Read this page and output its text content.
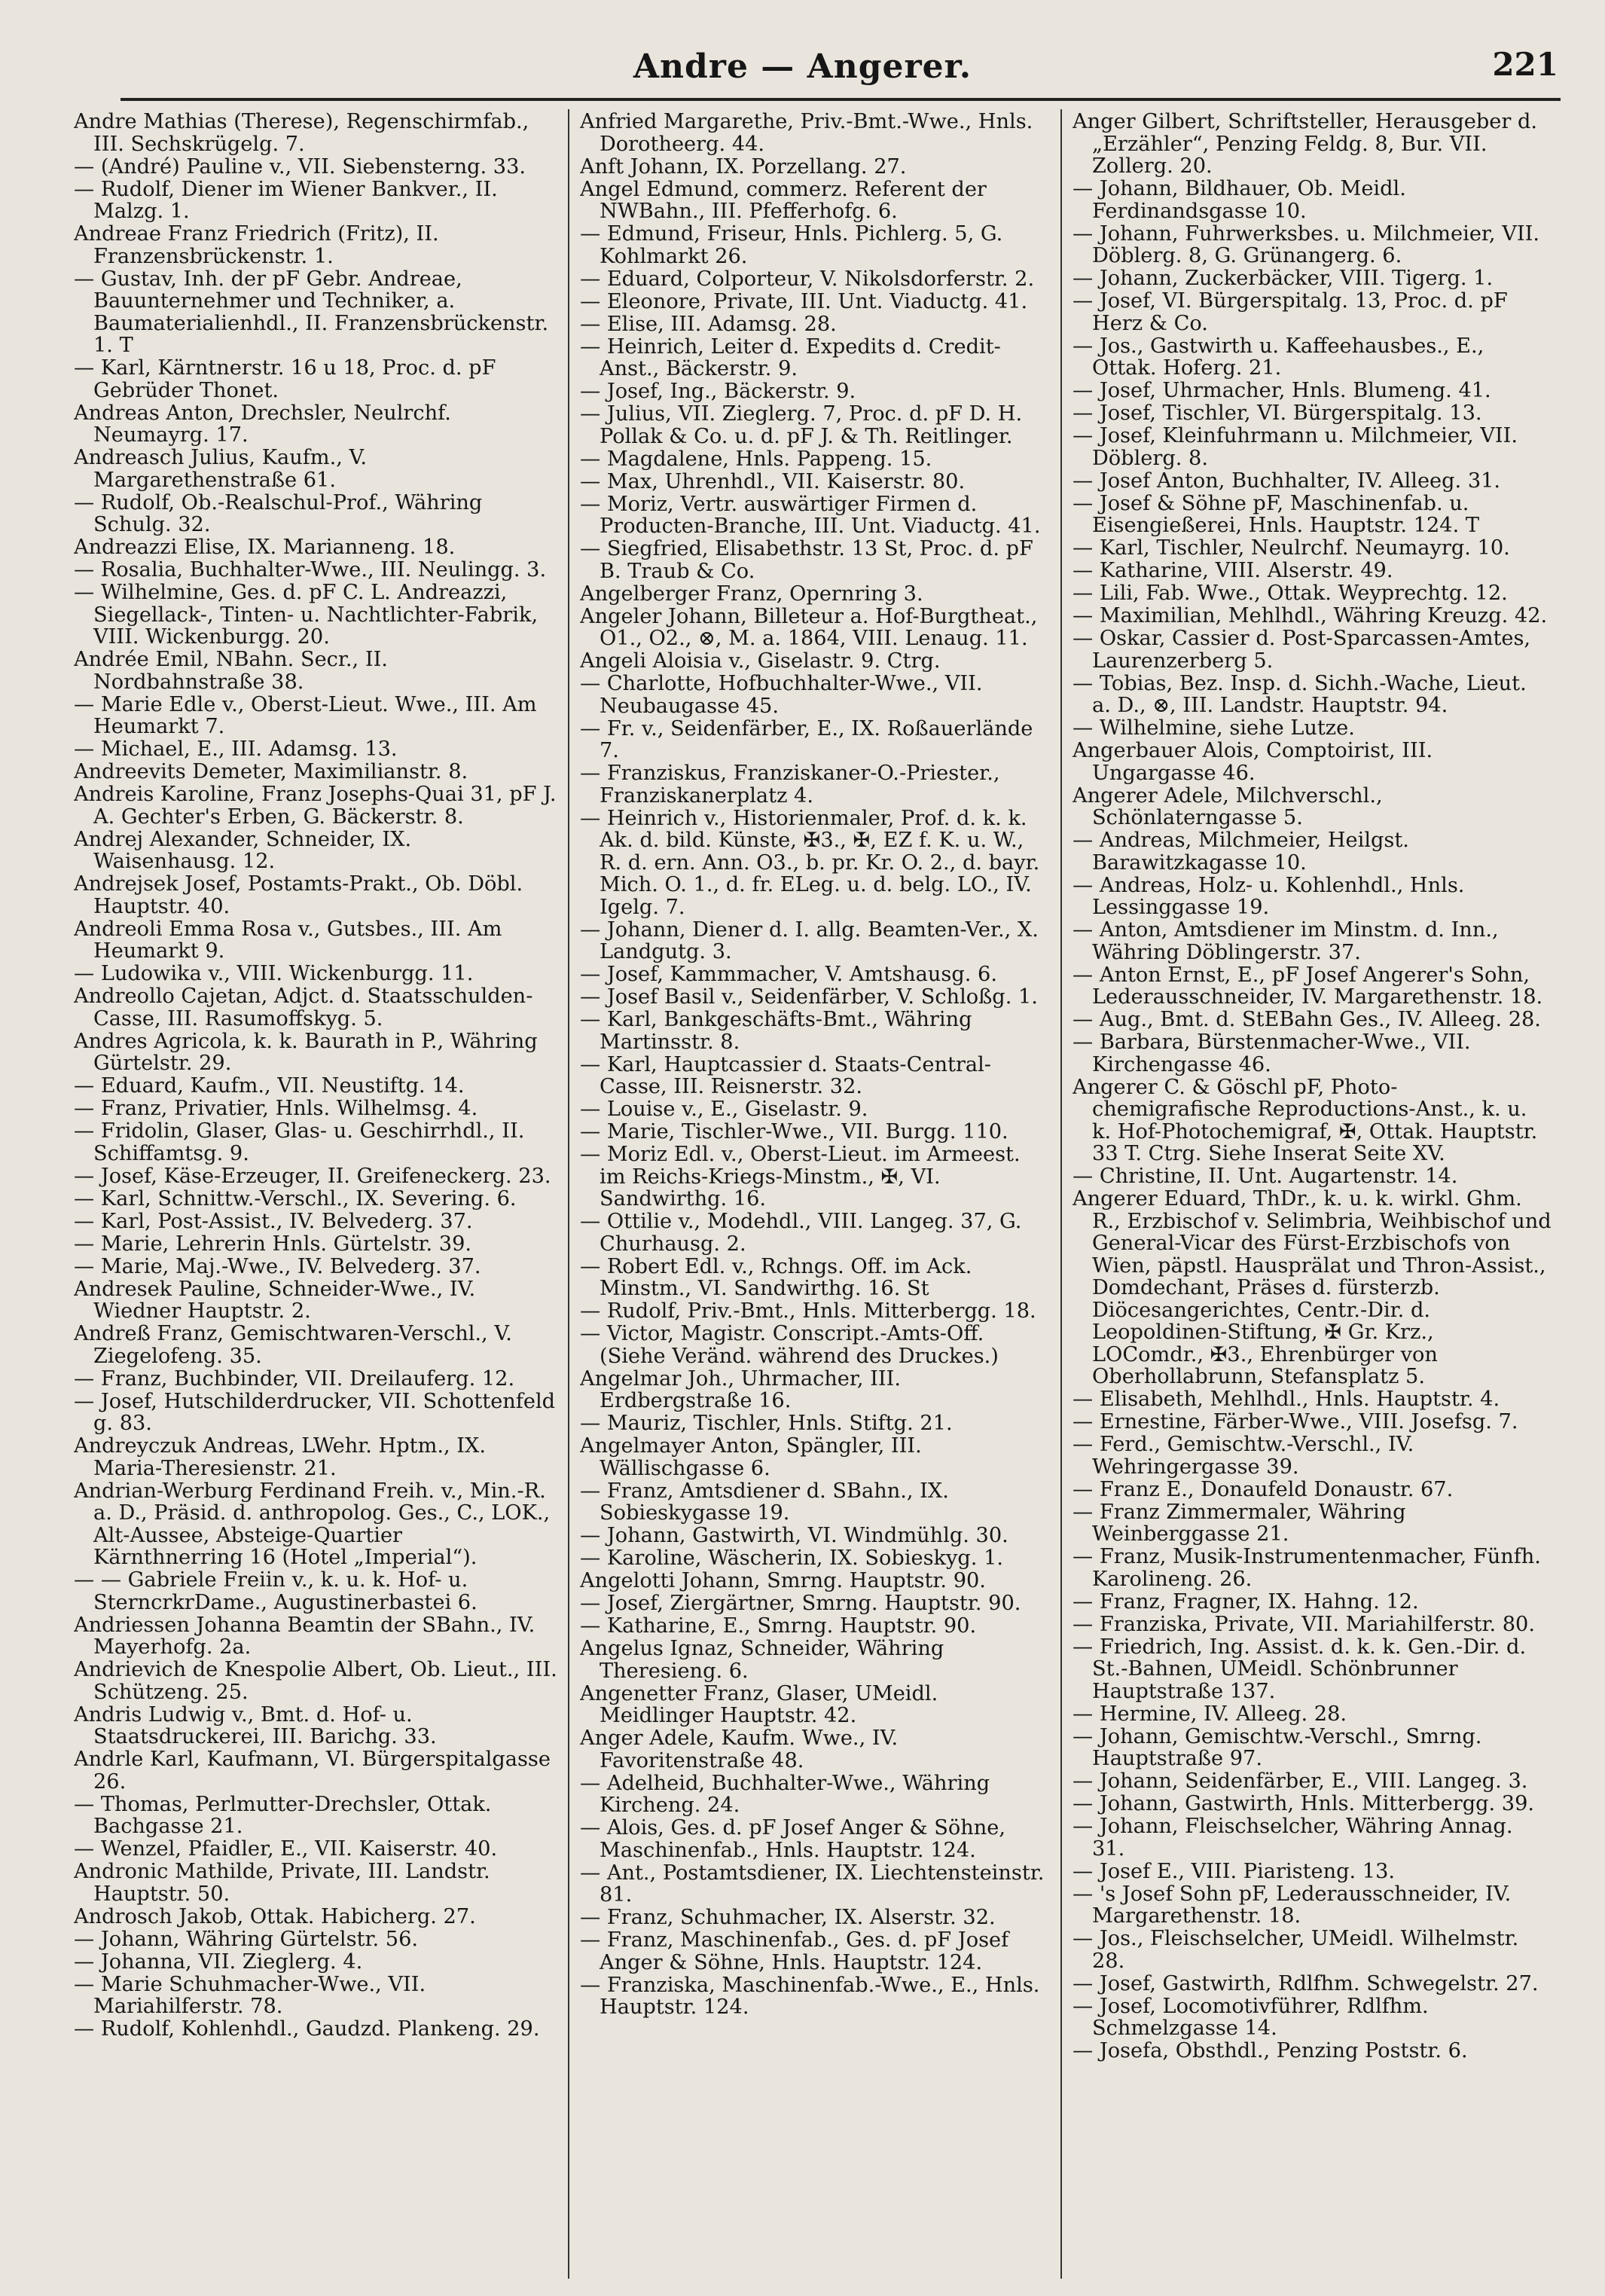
Andre — Angerer.	221
Andre Mathias (Therese), Regenschirmfab., III. Sechskrügelg. 7.
— (André) Pauline v., VII. Siebensterng. 33.
— Rudolf, Diener im Wiener Bankver., II. Malzg. 1.
Andreae Franz Friedrich (Fritz), II. Franzensbrückenstr. 1.
— Gustav, Inh. der pF Gebr. Andreae, Bauunternehmer und Techniker, a. Baumaterialienhdl., II. Franzensbrückenstr. 1. T
— Karl, Kärntnerstr. 16 u 18, Proc. d. pF Gebrüder Thonet.
Andreas Anton, Drechsler, Neulrchf. Neumayrg. 17.
Andreasch Julius, Kaufm., V. Margarethenstraße 61.
— Rudolf, Ob.-Realschul-Prof., Währing Schulg. 32.
Andreazzi Elise, IX. Marianneng. 18.
— Rosalia, Buchhalter-Wwe., III. Neulingg. 3.
— Wilhelmine, Ges. d. pF C. L. Andreazzi, Siegellack-, Tinten- u. Nachtlichter-Fabrik, VIII. Wickenburgg. 20.
Andrée Emil, NBahn. Secr., II. Nordbahnstraße 38.
— Marie Edle v., Oberst-Lieut. Wwe., III. Am Heumarkt 7.
— Michael, E., III. Adamsg. 13.
Andreevits Demeter, Maximilianstr. 8.
Andreis Karoline, Franz Josephs-Quai 31, pF J. A. Gechter's Erben, G. Bäckerstr. 8.
Andrej Alexander, Schneider, IX. Waisenhausg. 12.
Andrejsek Josef, Postamts-Prakt., Ob. Döbl. Hauptstr. 40.
Andreoli Emma Rosa v., Gutsbes., III. Am Heumarkt 9.
— Ludowika v., VIII. Wickenburgg. 11.
Andreollo Cajetan, Adjct. d. Staatsschulden-Casse, III. Rasumoffskyg. 5.
Andres Agricola, k. k. Baurath in P., Währing Gürtelstr. 29.
— Eduard, Kaufm., VII. Neustiftg. 14.
— Franz, Privatier, Hnls. Wilhelmsg. 4.
— Fridolin, Glaser, Glas- u. Geschirrhdl., II. Schiffamtsg. 9.
— Josef, Käse-Erzeuger, II. Greifeneckerg. 23.
— Karl, Schnittw.-Verschl., IX. Severing. 6.
— Karl, Post-Assist., IV. Belvederg. 37.
— Marie, Lehrerin Hnls. Gürtelstr. 39.
— Marie, Maj.-Wwe., IV. Belvederg. 37.
Andresek Pauline, Schneider-Wwe., IV. Wiedner Hauptstr. 2.
Andreß Franz, Gemischtwaren-Verschl., V. Ziegelofeng. 35.
— Franz, Buchbinder, VII. Dreilauferg. 12.
— Josef, Hutschilderdrucker, VII. Schottenfeld g. 83.
Andreyczuk Andreas, LWehr. Hptm., IX. Maria-Theresienstr. 21.
Andrian-Werburg Ferdinand Freih. v., Min.-R. a. D., Präsid. d. anthropolog. Ges., C., LOK., Alt-Aussee, Absteige-Quartier Kärnthnerring 16 (Hotel „Imperial“).
— — Gabriele Freiin v., k. u. k. Hof- u. SterncrkrDame., Augustinerbastei 6.
Andriessen Johanna Beamtin der SBahn., IV. Mayerhofg. 2a.
Andrievich de Knespolie Albert, Ob. Lieut., III. Schützeng. 25.
Andris Ludwig v., Bmt. d. Hof- u. Staatsdruckerei, III. Barichg. 33.
Andrle Karl, Kaufmann, VI. Bürgerspitalgasse 26.
— Thomas, Perlmutter-Drechsler, Ottak. Bachgasse 21.
— Wenzel, Pfaidler, E., VII. Kaiserstr. 40.
Andronic Mathilde, Private, III. Landstr. Hauptstr. 50.
Androsch Jakob, Ottak. Habicherg. 27.
— Johann, Währing Gürtelstr. 56.
— Johanna, VII. Zieglerg. 4.
— Marie Schuhmacher-Wwe., VII. Mariahilferstr. 78.
— Rudolf, Kohlenhdl., Gaudzd. Plankeng. 29.
Anfried Margarethe, Priv.-Bmt.-Wwe., Hnls. Dorotheerg. 44.
Anft Johann, IX. Porzellang. 27.
Angel Edmund, commerz. Referent der NWBahn., III. Pfefferhofg. 6.
— Edmund, Friseur, Hnls. Pichlerg. 5, G. Kohlmarkt 26.
— Eduard, Colporteur, V. Nikolsdorferstr. 2.
— Eleonore, Private, III. Unt. Viaductg. 41.
— Elise, III. Adamsg. 28.
— Heinrich, Leiter d. Expedits d. Credit-Anst., Bäckerstr. 9.
— Josef, Ing., Bäckerstr. 9.
— Julius, VII. Zieglerg. 7, Proc. d. pF D. H. Pollak & Co. u. d. pF J. & Th. Reitlinger.
— Magdalene, Hnls. Pappeng. 15.
— Max, Uhrenhdl., VII. Kaiserstr. 80.
— Moriz, Vertr. auswärtiger Firmen d. Producten-Branche, III. Unt. Viaductg. 41.
— Siegfried, Elisabethstr. 13 St, Proc. d. pF B. Traub & Co.
Angelberger Franz, Opernring 3.
Angeler Johann, Billeteur a. Hof-Burgtheat., O1., O2., ⊗, M. a. 1864, VIII. Lenaug. 11.
Angeli Aloisia v., Giselastr. 9. Ctrg.
— Charlotte, Hofbuchhalter-Wwe., VII. Neubaugasse 45.
— Fr. v., Seidenfärber, E., IX. Roßauerlände 7.
— Franziskus, Franziskaner-O.-Priester., Franziskanerplatz 4.
— Heinrich v., Historienmaler, Prof. d. k. k. Ak. d. bild. Künste, ✠3., ✠, EZ f. K. u. W., R. d. ern. Ann. O3., b. pr. Kr. O. 2., d. bayr. Mich. O. 1., d. fr. ELeg. u. d. belg. LO., IV. Igelg. 7.
— Johann, Diener d. I. allg. Beamten-Ver., X. Landgutg. 3.
— Josef, Kammmacher, V. Amtshausg. 6.
— Josef Basil v., Seidenfärber, V. Schloßg. 1.
— Karl, Bankgeschäfts-Bmt., Währing Martinsstr. 8.
— Karl, Hauptcassier d. Staats-Central-Casse, III. Reisnerstr. 32.
— Louise v., E., Giselastr. 9.
— Marie, Tischler-Wwe., VII. Burgg. 110.
— Moriz Edl. v., Oberst-Lieut. im Armeest. im Reichs-Kriegs-Minstm., ✠, VI. Sandwirthg. 16.
— Ottilie v., Modehdl., VIII. Langeg. 37, G. Churhausg. 2.
— Robert Edl. v., Rchngs. Off. im Ack. Minstm., VI. Sandwirthg. 16. St
— Rudolf, Priv.-Bmt., Hnls. Mitterbergg. 18.
— Victor, Magistr. Conscript.-Amts-Off. (Siehe Veränd. während des Druckes.)
Angelmar Joh., Uhrmacher, III. Erdbergstraße 16.
— Mauriz, Tischler, Hnls. Stiftg. 21.
Angelmayer Anton, Spängler, III. Wällischgasse 6.
— Franz, Amtsdiener d. SBahn., IX. Sobieskygasse 19.
— Johann, Gastwirth, VI. Windmühlg. 30.
— Karoline, Wäscherin, IX. Sobieskyg. 1.
Angelotti Johann, Smrng. Hauptstr. 90.
— Josef, Ziergärtner, Smrng. Hauptstr. 90.
— Katharine, E., Smrng. Hauptstr. 90.
Angelus Ignaz, Schneider, Währing Theresieng. 6.
Angenetter Franz, Glaser, UMeidl. Meidlinger Hauptstr. 42.
Anger Adele, Kaufm. Wwe., IV. Favoritenstraße 48.
— Adelheid, Buchhalter-Wwe., Währing Kircheng. 24.
— Alois, Ges. d. pF Josef Anger & Söhne, Maschinenfab., Hnls. Hauptstr. 124.
— Ant., Postamtsdiener, IX. Liechtensteinstr. 81.
— Franz, Schuhmacher, IX. Alserstr. 32.
— Franz, Maschinenfab., Ges. d. pF Josef Anger & Söhne, Hnls. Hauptstr. 124.
— Franziska, Maschinenfab.-Wwe., E., Hnls. Hauptstr. 124.
Anger Gilbert, Schriftsteller, Herausgeber d. „Erzähler“, Penzing Feldg. 8, Bur. VII. Zollerg. 20.
— Johann, Bildhauer, Ob. Meidl. Ferdinandsgasse 10.
— Johann, Fuhrwerksbes. u. Milchmeier, VII. Döblerg. 8, G. Grünangerg. 6.
— Johann, Zuckerbäcker, VIII. Tigerg. 1.
— Josef, VI. Bürgerspitalg. 13, Proc. d. pF Herz & Co.
— Jos., Gastwirth u. Kaffeehausbes., E., Ottak. Hoferg. 21.
— Josef, Uhrmacher, Hnls. Blumeng. 41.
— Josef, Tischler, VI. Bürgerspitalg. 13.
— Josef, Kleinfuhrmann u. Milchmeier, VII. Döblerg. 8.
— Josef Anton, Buchhalter, IV. Alleeg. 31.
— Josef & Söhne pF, Maschinenfab. u. Eisengießerei, Hnls. Hauptstr. 124. T
— Karl, Tischler, Neulrchf. Neumayrg. 10.
— Katharine, VIII. Alserstr. 49.
— Lili, Fab. Wwe., Ottak. Weyprechtg. 12.
— Maximilian, Mehlhdl., Währing Kreuzg. 42.
— Oskar, Cassier d. Post-Sparcassen-Amtes, Laurenzerberg 5.
— Tobias, Bez. Insp. d. Sichh.-Wache, Lieut. a. D., ⊗, III. Landstr. Hauptstr. 94.
— Wilhelmine, siehe Lutze.
Angerbauer Alois, Comptoirist, III. Ungargasse 46.
Angerer Adele, Milchverschl., Schönlaterngasse 5.
— Andreas, Milchmeier, Heilgst. Barawitzkagasse 10.
— Andreas, Holz- u. Kohlenhdl., Hnls. Lessinggasse 19.
— Anton, Amtsdiener im Minstm. d. Inn., Währing Döblingerstr. 37.
— Anton Ernst, E., pF Josef Angerer's Sohn, Lederausschneider, IV. Margarethenstr. 18.
— Aug., Bmt. d. StEBahn Ges., IV. Alleeg. 28.
— Barbara, Bürstenmacher-Wwe., VII. Kirchengasse 46.
Angerer C. & Göschl pF, Photo-chemigrafische Reproductions-Anst., k. u. k. Hof-Photochemigraf, ✠, Ottak. Hauptstr. 33 T. Ctrg. Siehe Inserat Seite XV.
— Christine, II. Unt. Augartenstr. 14.
Angerer Eduard, ThDr., k. u. k. wirkl. Ghm. R., Erzbischof v. Selimbria, Weihbischof und General-Vicar des Fürst-Erzbischofs von Wien, päpstl. Hausprälat und Thron-Assist., Domdechant, Präses d. fürsterzb. Diöcesangerichtes, Centr.-Dir. d. Leopoldinen-Stiftung, ✠ Gr. Krz., LOComdr., ✠3., Ehrenbürger von Oberhollabrunn, Stefansplatz 5.
— Elisabeth, Mehlhdl., Hnls. Hauptstr. 4.
— Ernestine, Färber-Wwe., VIII. Josefsg. 7.
— Ferd., Gemischtw.-Verschl., IV. Wehringergasse 39.
— Franz E., Donaufeld Donaustr. 67.
— Franz Zimmermaler, Währing Weinberggasse 21.
— Franz, Musik-Instrumentenmacher, Fünfh. Karolineng. 26.
— Franz, Fragner, IX. Hahng. 12.
— Franziska, Private, VII. Mariahilferstr. 80.
— Friedrich, Ing. Assist. d. k. k. Gen.-Dir. d. St.-Bahnen, UMeidl. Schönbrunner Hauptstraße 137.
— Hermine, IV. Alleeg. 28.
— Johann, Gemischtw.-Verschl., Smrng. Hauptstraße 97.
— Johann, Seidenfärber, E., VIII. Langeg. 3.
— Johann, Gastwirth, Hnls. Mitterbergg. 39.
— Johann, Fleischselcher, Währing Annag. 31.
— Josef E., VIII. Piaristeng. 13.
— 's Josef Sohn pF, Lederausschneider, IV. Margarethenstr. 18.
— Jos., Fleischselcher, UMeidl. Wilhelmstr. 28.
— Josef, Gastwirth, Rdlfhm. Schwegelstr. 27.
— Josef, Locomotivführer, Rdlfhm. Schmelzgasse 14.
— Josefa, Obsthdl., Penzing Poststr. 6.
